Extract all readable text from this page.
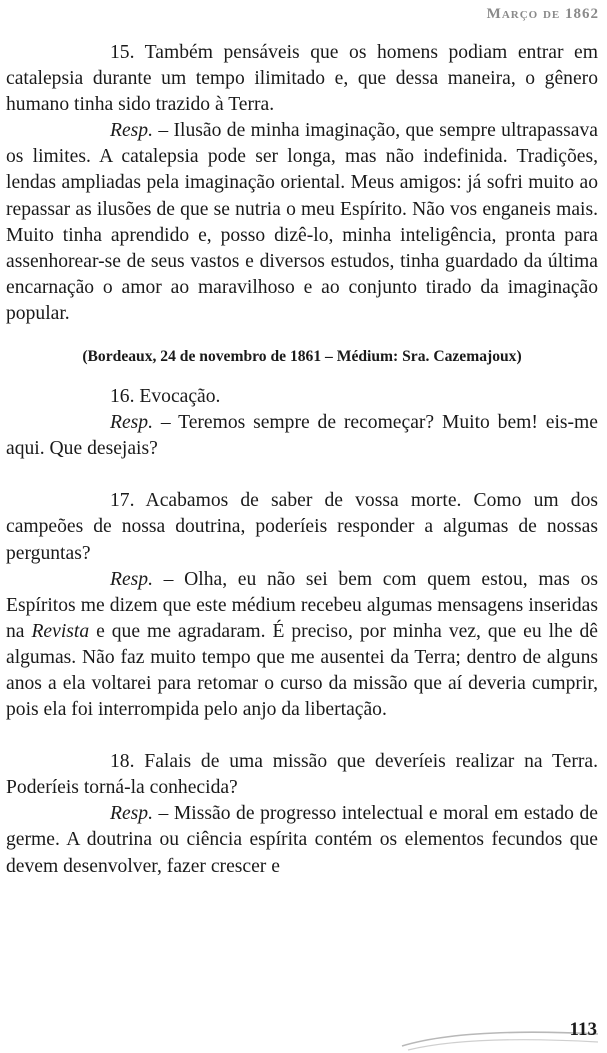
Março de 1862

15. Também pensáveis que os homens podiam entrar em catalepsia durante um tempo ilimitado e, que dessa maneira, o gênero humano tinha sido trazido à Terra.

Resp. – Ilusão de minha imaginação, que sempre ultrapassava os limites. A catalepsia pode ser longa, mas não indefinida. Tradições, lendas ampliadas pela imaginação oriental. Meus amigos: já sofri muito ao repassar as ilusões de que se nutria o meu Espírito. Não vos enganeis mais. Muito tinha aprendido e, posso dizê-lo, minha inteligência, pronta para assenhorear-se de seus vastos e diversos estudos, tinha guardado da última encarnação o amor ao maravilhoso e ao conjunto tirado da imaginação popular.

(Bordeaux, 24 de novembro de 1861 – Médium: Sra. Cazemajoux)

16. Evocação.

Resp. – Teremos sempre de recomeçar? Muito bem! eis-me aqui. Que desejais?

17. Acabamos de saber de vossa morte. Como um dos campeões de nossa doutrina, poderíeis responder a algumas de nossas perguntas?

Resp. – Olha, eu não sei bem com quem estou, mas os Espíritos me dizem que este médium recebeu algumas mensagens inseridas na Revista e que me agradaram. É preciso, por minha vez, que eu lhe dê algumas. Não faz muito tempo que me ausentei da Terra; dentro de alguns anos a ela voltarei para retomar o curso da missão que aí deveria cumprir, pois ela foi interrompida pelo anjo da libertação.

18. Falais de uma missão que deveríeis realizar na Terra. Poderíeis torná-la conhecida?

Resp. – Missão de progresso intelectual e moral em estado de germe. A doutrina ou ciência espírita contém os elementos fecundos que devem desenvolver, fazer crescer e

113
